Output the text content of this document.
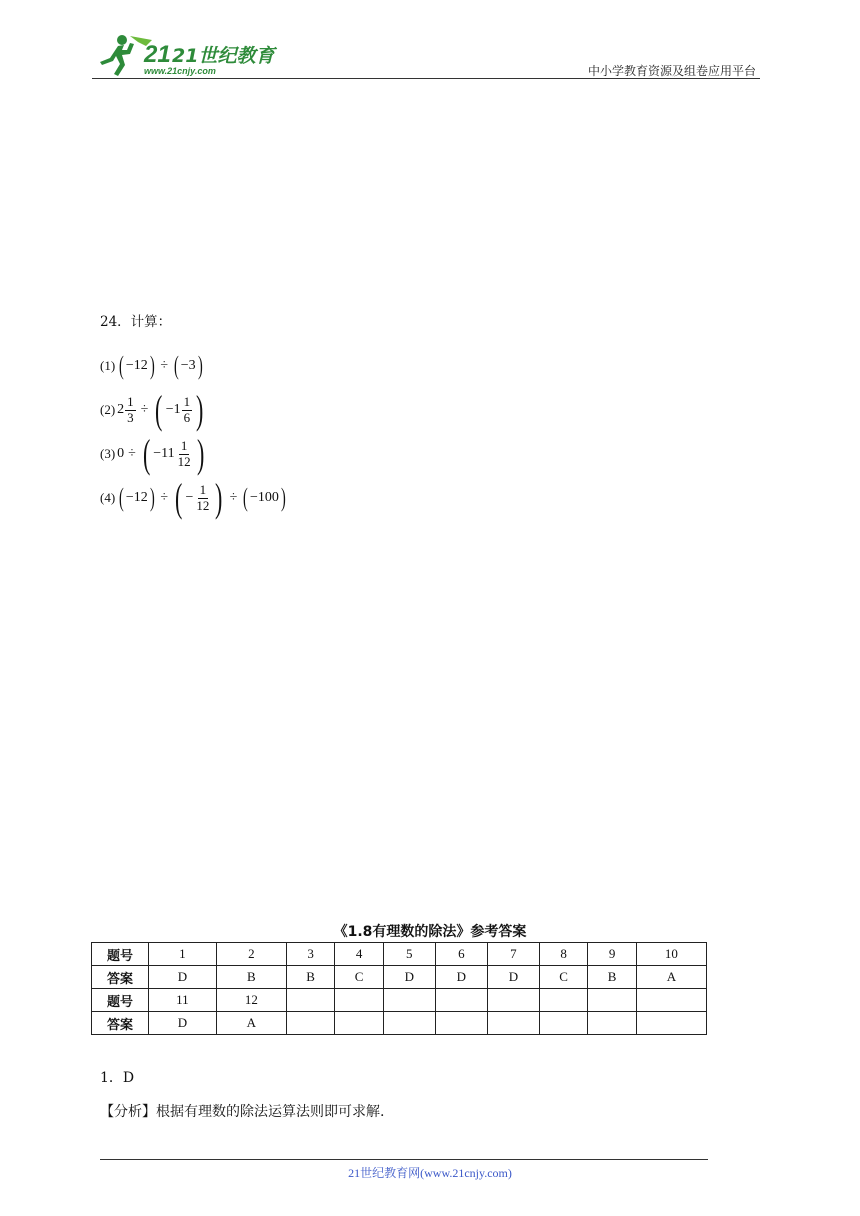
21 21世纪教育
www.21cnjy.com	中小学教育资源及组卷应用平台
24．计算：
(1) ( −12 ) ÷ ( −3 )
(2) $2 \frac{1}{3}$ ÷ ( $-1 \frac{1}{6}$ )
(3) 0 ÷ ( $-11 \frac{1}{12}$ )
(4) ( −12 ) ÷ ( − $\frac{1}{12}$ ) ÷ ( −100 )
《1.8有理数的除法》参考答案
题号	1	2	3	4	5	6	7	8	9	10
答案	D	B	B	C	D	D	D	C	B	A
题号	11	12								
答案	D	A								
1．D
【分析】根据有理数的除法运算法则即可求解.
21世纪教育网(www.21cnjy.com)
